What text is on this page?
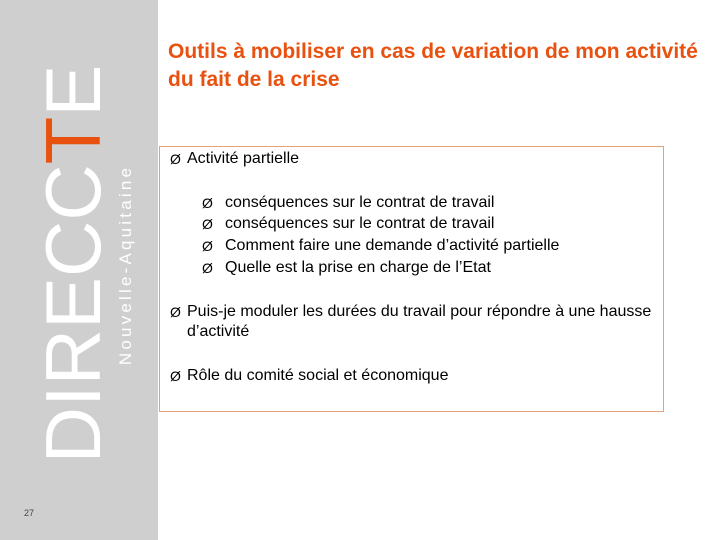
DIRECCTE
Nouvelle-Aquitaine
27
Outils à mobiliser en cas de variation de mon activité du fait de la crise
Ø Activité partielle
Ø conséquences sur le contrat de travail
Ø conséquences sur le contrat de travail
Ø Comment faire une demande d’activité partielle
Ø Quelle est la prise en charge de l’Etat
Ø Puis-je moduler les durées du travail pour répondre à une hausse d’activité
Ø Rôle du comité social et économique
